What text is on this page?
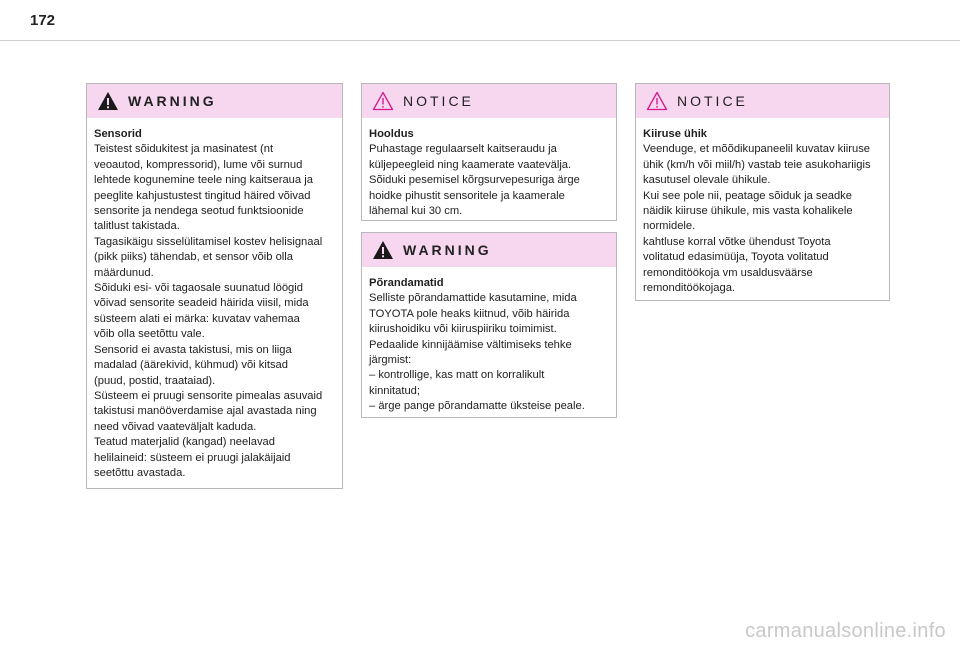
172
WARNING
Sensorid
Teistest sõidukitest ja masinatest (nt
veoautod, kompressorid), lume või surnud
lehtede kogunemine teele ning kaitseraua ja
peeglite kahjustustest tingitud häired võivad
sensorite ja nendega seotud funktsioonide
talitlust takistada.
Tagasikäigu sisselülitamisel kostev helisignaal
(pikk piiks) tähendab, et sensor võib olla
määrdunud.
Sõiduki esi- või tagaosale suunatud löögid
võivad sensorite seadeid häirida viisil, mida
süsteem alati ei märka: kuvatav vahemaa
võib olla seetõttu vale.
Sensorid ei avasta takistusi, mis on liiga
madalad (äärekivid, kühmud) või kitsad
(puud, postid, traataiad).
Süsteem ei pruugi sensorite pimealas asuvaid
takistusi manööverdamise ajal avastada ning
need võivad vaateväljalt kaduda.
Teatud materjalid (kangad) neelavad
helilaineid: süsteem ei pruugi jalakäijaid
seetõttu avastada.
NOTICE
Hooldus
Puhastage regulaarselt kaitseraudu ja
küljepeegleid ning kaamerate vaatevälja.
Sõiduki pesemisel kõrgsurvepesuriga ärge
hoidke pihustit sensoritele ja kaamerale
lähemal kui 30 cm.
WARNING
Põrandamatid
Selliste põrandamattide kasutamine, mida
TOYOTA pole heaks kiitnud, võib häirida
kiirushoidiku või kiiruspiiriku toimimist.
Pedaalide kinnijäämise vältimiseks tehke
järgmist:
– kontrollige, kas matt on korralikult
kinnitatud;
– ärge pange põrandamatte üksteise peale.
NOTICE
Kiiruse ühik
Veenduge, et mõõdikupaneelil kuvatav kiiruse
ühik (km/h või miil/h) vastab teie asukohariigis
kasutusel olevale ühikule.
Kui see pole nii, peatage sõiduk ja seadke
näidik kiiruse ühikule, mis vasta kohalikele
normidele.
kahtluse korral võtke ühendust Toyota
volitatud edasimüüja, Toyota volitatud
remonditöökoja vm usaldusväärse
remonditöökojaga.
carmanualsonline.info
